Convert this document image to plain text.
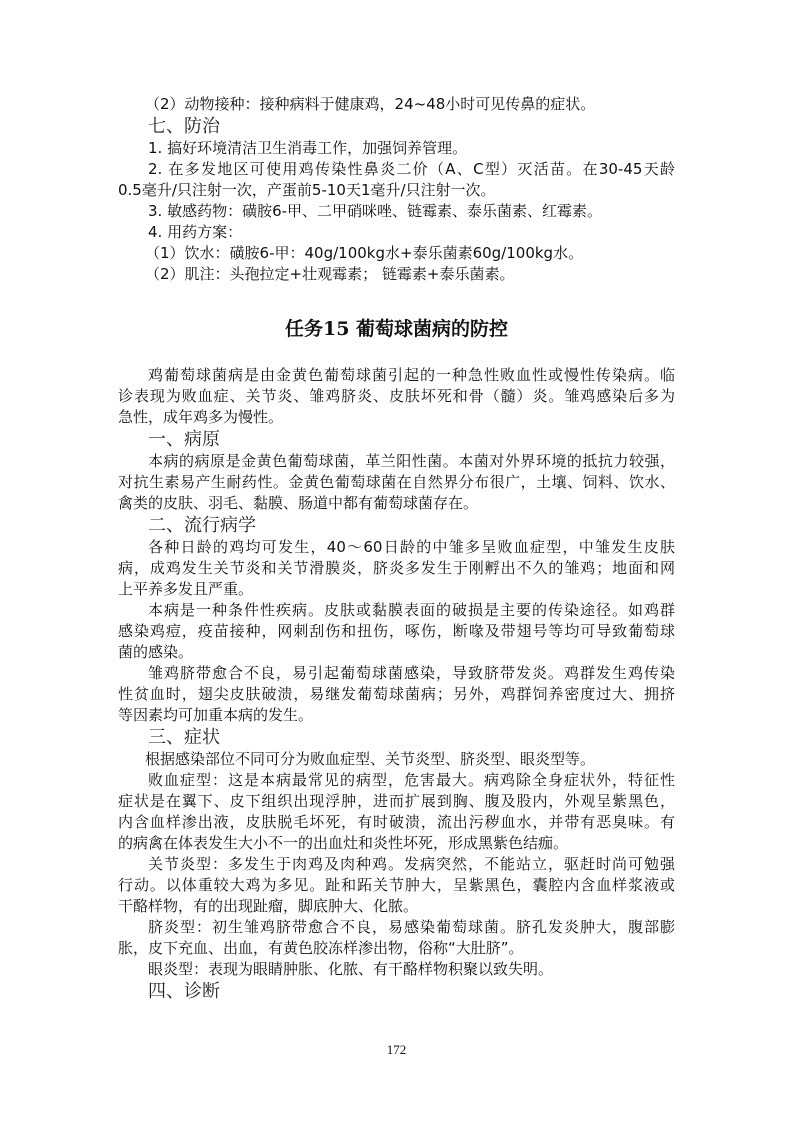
（2）动物接种：接种病料于健康鸡，24~48小时可见传鼻的症状。
七、防治
1. 搞好环境清洁卫生消毒工作，加强饲养管理。
2. 在多发地区可使用鸡传染性鼻炎二价（A、C型）灭活苗。在30-45天龄
0.5毫升/只注射一次，产蛋前5-10天1毫升/只注射一次。
3. 敏感药物：磺胺6-甲、二甲硝咪唑、链霉素、泰乐菌素、红霉素。
4. 用药方案：
（1）饮水：磺胺6-甲：40g/100kg水+泰乐菌素60g/100kg水。
（2）肌注：头孢拉定+壮观霉素； 链霉素+泰乐菌素。
任务15 葡萄球菌病的防控
鸡葡萄球菌病是由金黄色葡萄球菌引起的一种急性败血性或慢性传染病。临
诊表现为败血症、关节炎、雏鸡脐炎、皮肤坏死和骨（髓）炎。雏鸡感染后多为
急性，成年鸡多为慢性。
一、病原
本病的病原是金黄色葡萄球菌，革兰阳性菌。本菌对外界环境的抵抗力较强，
对抗生素易产生耐药性。金黄色葡萄球菌在自然界分布很广，土壤、饲料、饮水、
禽类的皮肤、羽毛、黏膜、肠道中都有葡萄球菌存在。
二、流行病学
各种日龄的鸡均可发生，40～60日龄的中雏多呈败血症型，中雏发生皮肤
病，成鸡发生关节炎和关节滑膜炎，脐炎多发生于刚孵出不久的雏鸡；地面和网
上平养多发且严重。
本病是一种条件性疾病。皮肤或黏膜表面的破损是主要的传染途径。如鸡群
感染鸡痘，疫苗接种，网刺刮伤和扭伤，啄伤，断喙及带翅号等均可导致葡萄球
菌的感染。
雏鸡脐带愈合不良，易引起葡萄球菌感染，导致脐带发炎。鸡群发生鸡传染
性贫血时，翅尖皮肤破溃，易继发葡萄球菌病；另外，鸡群饲养密度过大、拥挤
等因素均可加重本病的发生。
三、症状
根据感染部位不同可分为败血症型、关节炎型、脐炎型、眼炎型等。
败血症型：这是本病最常见的病型，危害最大。病鸡除全身症状外，特征性
症状是在翼下、皮下组织出现浮肿，进而扩展到胸、腹及股内，外观呈紫黑色，
内含血样渗出液，皮肤脱毛坏死，有时破溃，流出污秽血水，并带有恶臭味。有
的病禽在体表发生大小不一的出血灶和炎性坏死，形成黑紫色结痂。
关节炎型：多发生于肉鸡及肉种鸡。发病突然，不能站立，驱赶时尚可勉强
行动。以体重较大鸡为多见。趾和跖关节肿大，呈紫黑色，囊腔内含血样浆液或
干酪样物，有的出现趾瘤，脚底肿大、化脓。
脐炎型：初生雏鸡脐带愈合不良，易感染葡萄球菌。脐孔发炎肿大，腹部膨
胀，皮下充血、出血，有黄色胶冻样渗出物，俗称“大肚脐”。
眼炎型：表现为眼睛肿胀、化脓、有干酪样物积聚以致失明。
四、诊断
172
